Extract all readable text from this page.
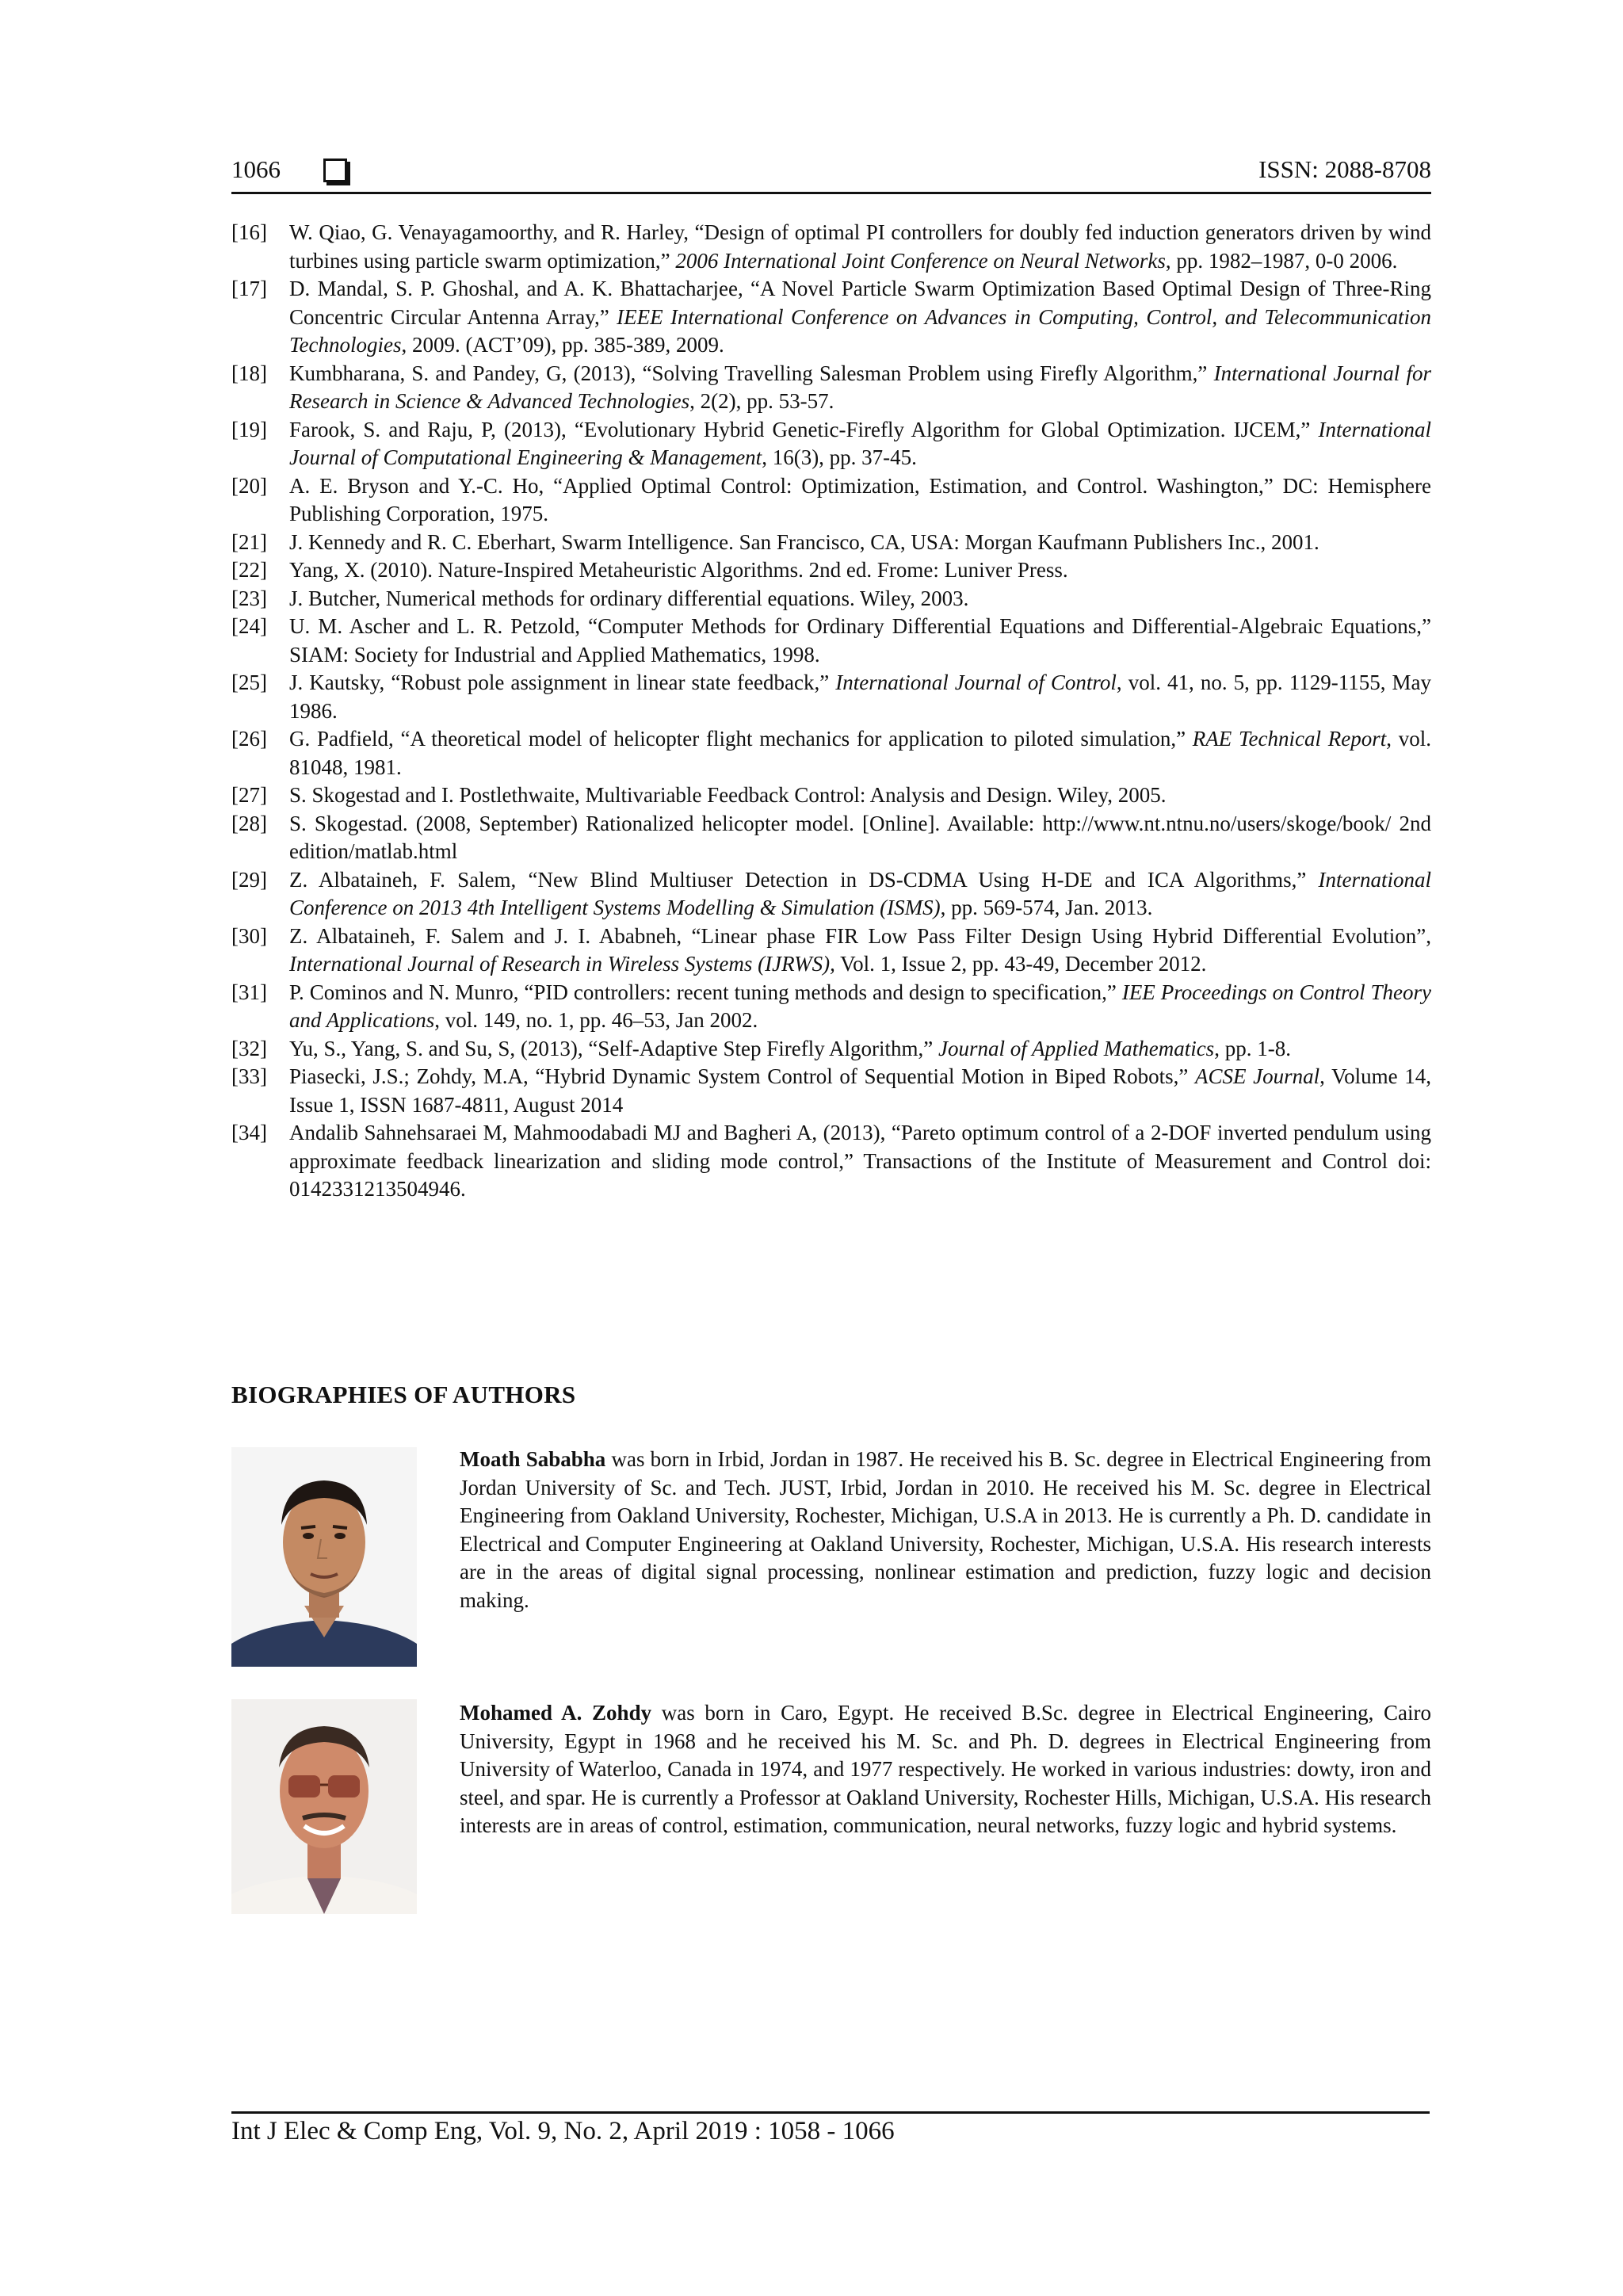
1066	ISSN: 2088-8708
[16] W. Qiao, G. Venayagamoorthy, and R. Harley, “Design of optimal PI controllers for doubly fed induction generators driven by wind turbines using particle swarm optimization,” 2006 International Joint Conference on Neural Networks, pp. 1982–1987, 0-0 2006.
[17] D. Mandal, S. P. Ghoshal, and A. K. Bhattacharjee, “A Novel Particle Swarm Optimization Based Optimal Design of Three-Ring Concentric Circular Antenna Array,” IEEE International Conference on Advances in Computing, Control, and Telecommunication Technologies, 2009. (ACT’09), pp. 385-389, 2009.
[18] Kumbharana, S. and Pandey, G, (2013), “Solving Travelling Salesman Problem using Firefly Algorithm,” International Journal for Research in Science & Advanced Technologies, 2(2), pp. 53-57.
[19] Farook, S. and Raju, P, (2013), “Evolutionary Hybrid Genetic-Firefly Algorithm for Global Optimization. IJCEM,” International Journal of Computational Engineering & Management, 16(3), pp. 37-45.
[20] A. E. Bryson and Y.-C. Ho, “Applied Optimal Control: Optimization, Estimation, and Control. Washington,” DC: Hemisphere Publishing Corporation, 1975.
[21] J. Kennedy and R. C. Eberhart, Swarm Intelligence. San Francisco, CA, USA: Morgan Kaufmann Publishers Inc., 2001.
[22] Yang, X. (2010). Nature-Inspired Metaheuristic Algorithms. 2nd ed. Frome: Luniver Press.
[23] J. Butcher, Numerical methods for ordinary differential equations. Wiley, 2003.
[24] U. M. Ascher and L. R. Petzold, “Computer Methods for Ordinary Differential Equations and Differential-Algebraic Equations,” SIAM: Society for Industrial and Applied Mathematics, 1998.
[25] J. Kautsky, “Robust pole assignment in linear state feedback,” International Journal of Control, vol. 41, no. 5, pp. 1129-1155, May 1986.
[26] G. Padfield, “A theoretical model of helicopter flight mechanics for application to piloted simulation,” RAE Technical Report, vol. 81048, 1981.
[27] S. Skogestad and I. Postlethwaite, Multivariable Feedback Control: Analysis and Design. Wiley, 2005.
[28] S. Skogestad. (2008, September) Rationalized helicopter model. [Online]. Available: http://www.nt.ntnu.no/users/skoge/book/ 2nd edition/matlab.html
[29] Z. Albataineh, F. Salem, “New Blind Multiuser Detection in DS-CDMA Using H-DE and ICA Algorithms,” International Conference on 2013 4th Intelligent Systems Modelling & Simulation (ISMS), pp. 569-574, Jan. 2013.
[30] Z. Albataineh, F. Salem and J. I. Ababneh, “Linear phase FIR Low Pass Filter Design Using Hybrid Differential Evolution”, International Journal of Research in Wireless Systems (IJRWS), Vol. 1, Issue 2, pp. 43-49, December 2012.
[31] P. Cominos and N. Munro, “PID controllers: recent tuning methods and design to specification,” IEE Proceedings on Control Theory and Applications, vol. 149, no. 1, pp. 46–53, Jan 2002.
[32] Yu, S., Yang, S. and Su, S, (2013), “Self-Adaptive Step Firefly Algorithm,” Journal of Applied Mathematics, pp. 1-8.
[33] Piasecki, J.S.; Zohdy, M.A, “Hybrid Dynamic System Control of Sequential Motion in Biped Robots,” ACSE Journal, Volume 14, Issue 1, ISSN 1687-4811, August 2014
[34] Andalib Sahnehsaraei M, Mahmoodabadi MJ and Bagheri A, (2013), “Pareto optimum control of a 2-DOF inverted pendulum using approximate feedback linearization and sliding mode control,” Transactions of the Institute of Measurement and Control doi: 0142331213504946.
BIOGRAPHIES OF AUTHORS
Moath Sababha was born in Irbid, Jordan in 1987. He received his B. Sc. degree in Electrical Engineering from Jordan University of Sc. and Tech. JUST, Irbid, Jordan in 2010. He received his M. Sc. degree in Electrical Engineering from Oakland University, Rochester, Michigan, U.S.A in 2013. He is currently a Ph. D. candidate in Electrical and Computer Engineering at Oakland University, Rochester, Michigan, U.S.A. His research interests are in the areas of digital signal processing, nonlinear estimation and prediction, fuzzy logic and decision making.
Mohamed A. Zohdy was born in Caro, Egypt. He received B.Sc. degree in Electrical Engineering, Cairo University, Egypt in 1968 and he received his M. Sc. and Ph. D. degrees in Electrical Engineering from University of Waterloo, Canada in 1974, and 1977 respectively. He worked in various industries: dowty, iron and steel, and spar. He is currently a Professor at Oakland University, Rochester Hills, Michigan, U.S.A. His research interests are in areas of control, estimation, communication, neural networks, fuzzy logic and hybrid systems.
Int J Elec & Comp Eng, Vol. 9, No. 2, April 2019 : 1058 - 1066
